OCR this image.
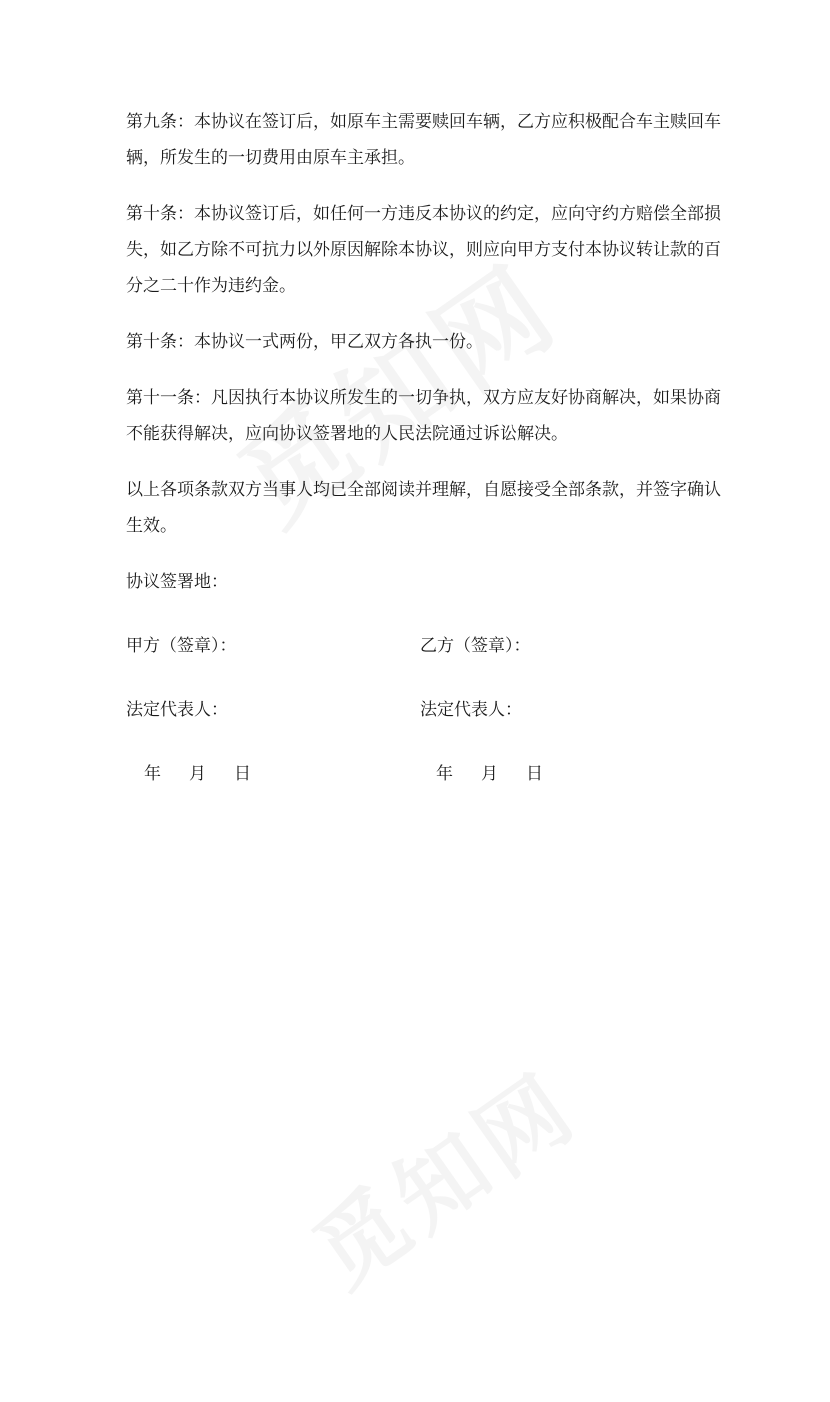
第九条：本协议在签订后，如原车主需要赎回车辆，乙方应积极配合车主赎回车
辆，所发生的一切费用由原车主承担。

第十条：本协议签订后，如任何一方违反本协议的约定，应向守约方赔偿全部损
失，如乙方除不可抗力以外原因解除本协议，则应向甲方支付本协议转让款的百
分之二十作为违约金。

第十条：本协议一式两份，甲乙双方各执一份。

第十一条：凡因执行本协议所发生的一切争执，双方应友好协商解决，如果协商
不能获得解决，应向协议签署地的人民法院通过诉讼解决。

以上各项条款双方当事人均已全部阅读并理解，自愿接受全部条款，并签字确认
生效。

协议签署地：
甲方（签章）：	乙方（签章）：
法定代表人：	法定代表人：
年 月 日	年 月 日
